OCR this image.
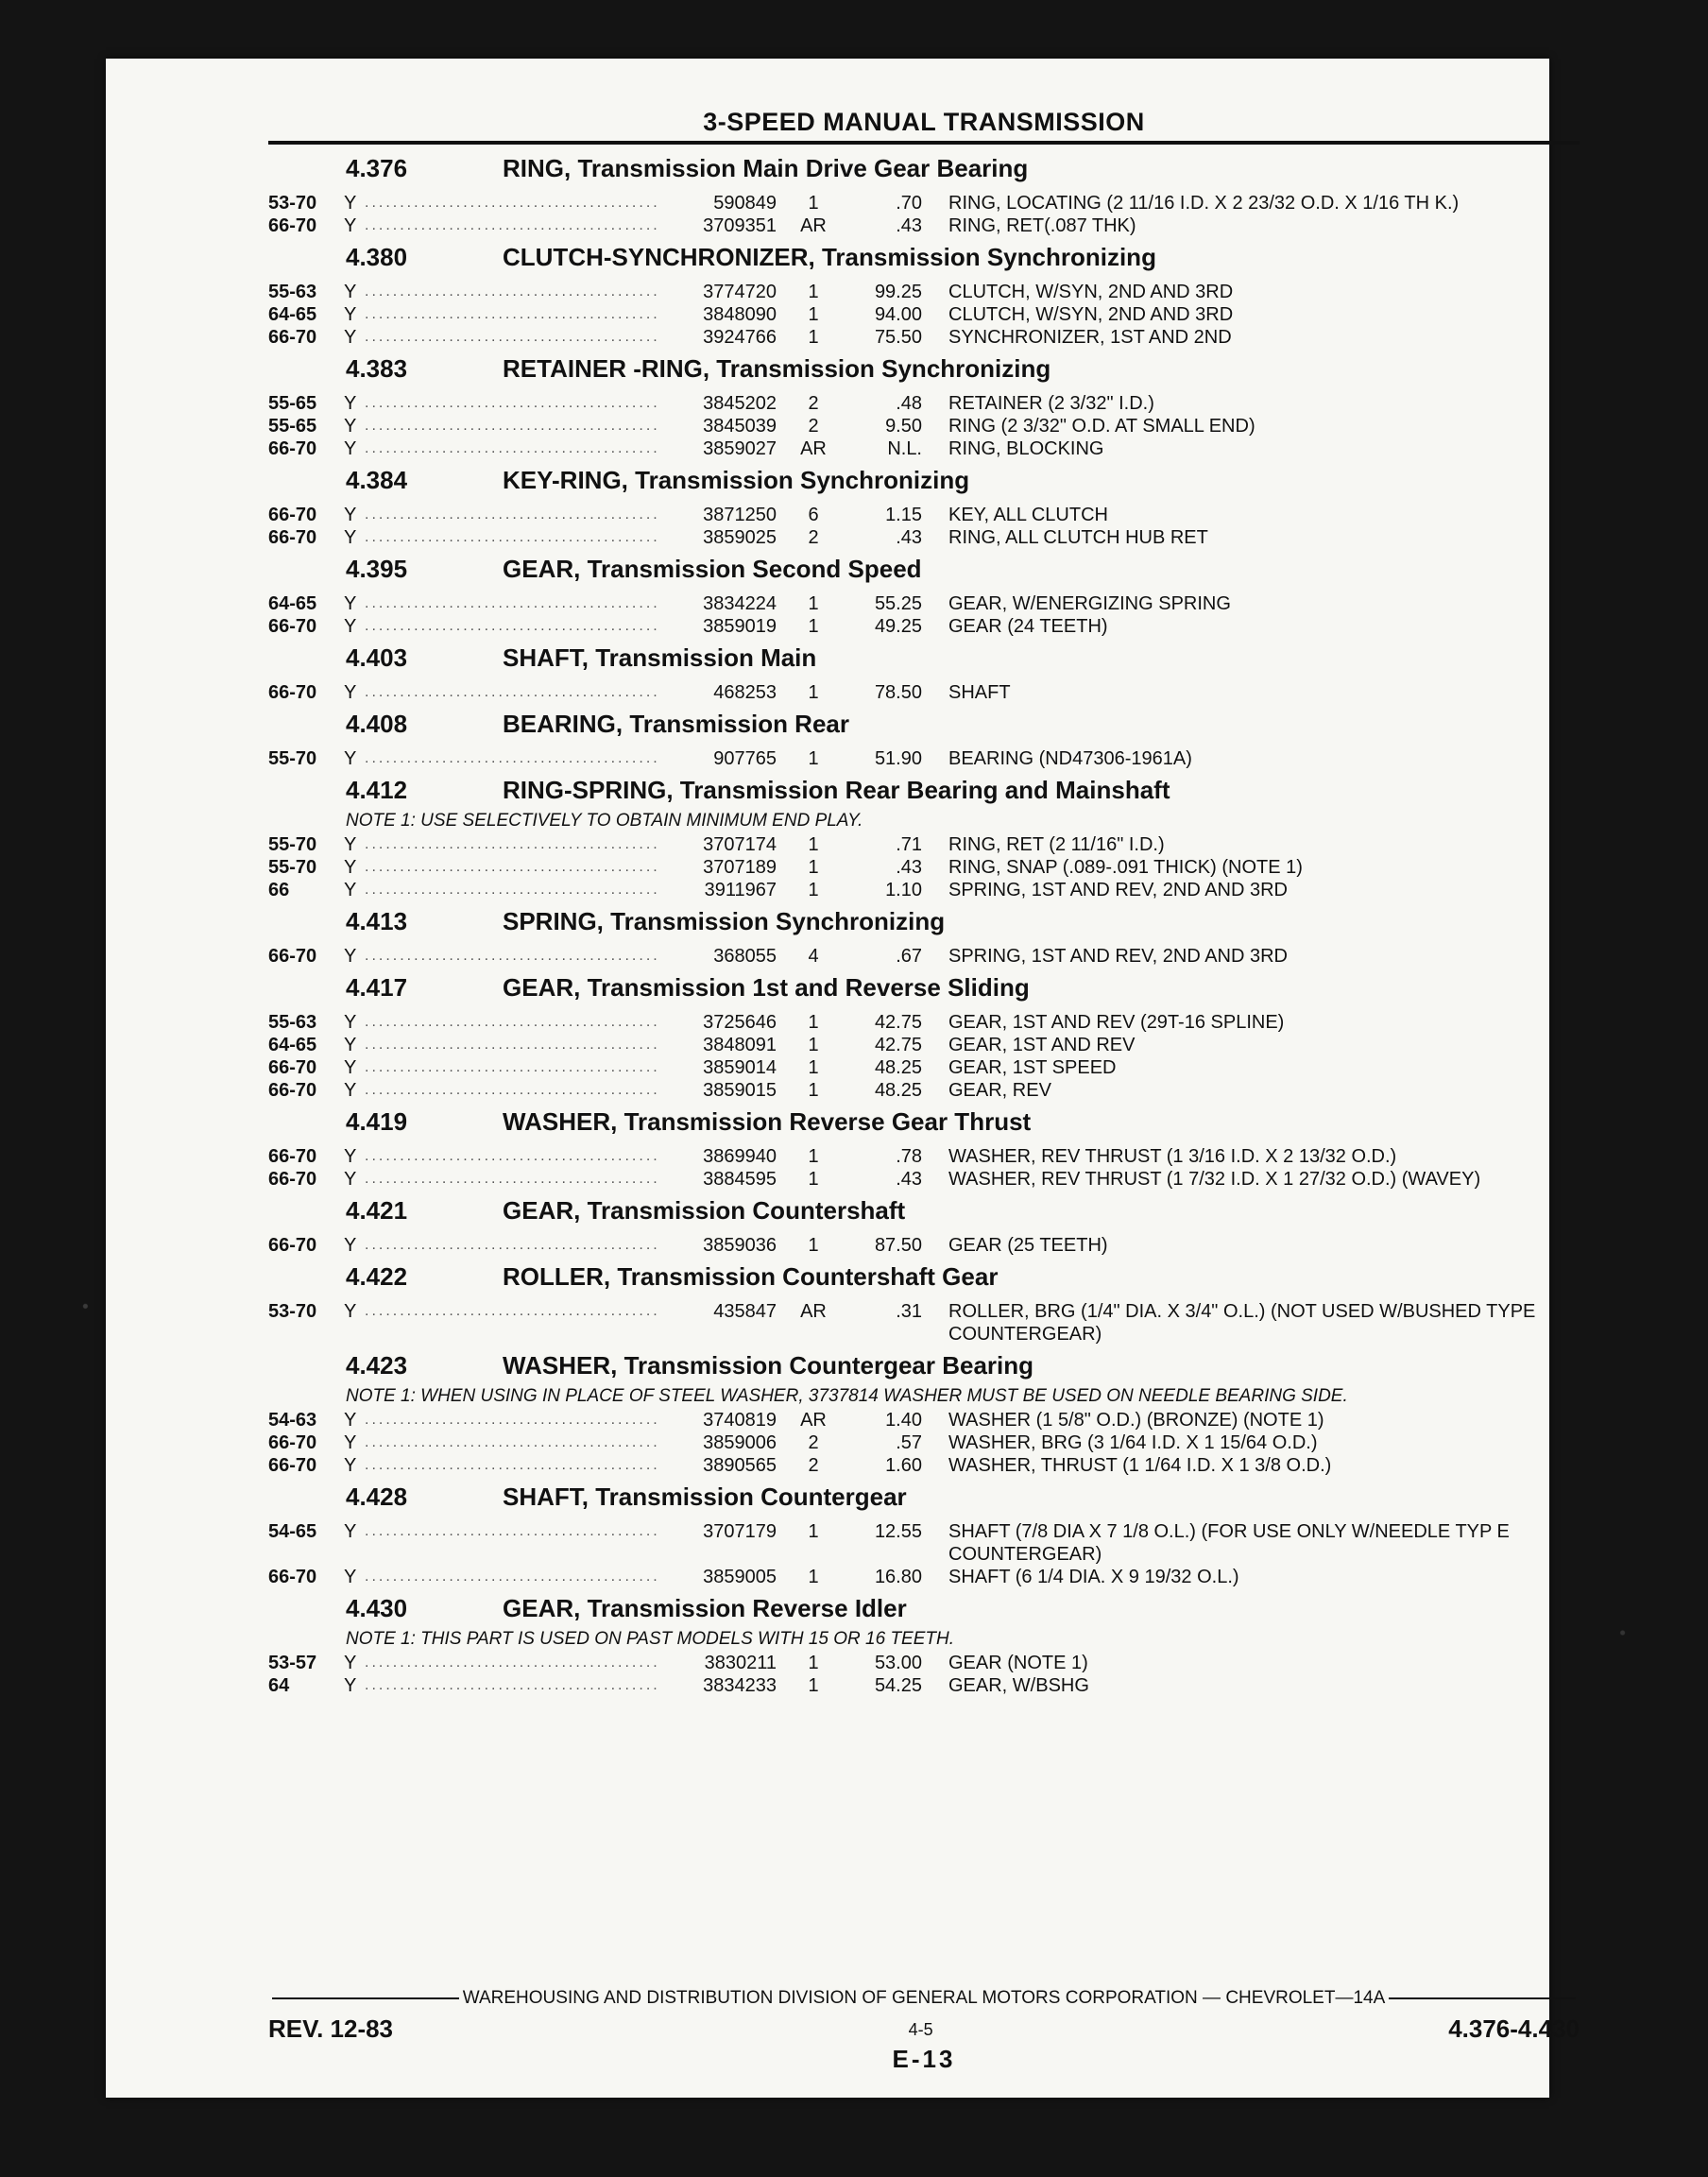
3-SPEED MANUAL TRANSMISSION
4.376	RING, Transmission Main Drive Gear Bearing
53-70	Y .....	590849	1	.70 RING, LOCATING (2 11/16 I.D. X 2 23/32 O.D. X 1/16 TH K.)
66-70	Y .....	3709351	AR	.43 RING, RET(.087 THK)
4.380	CLUTCH-SYNCHRONIZER, Transmission Synchronizing
55-63	Y .....	3774720	1	99.25 CLUTCH, W/SYN, 2ND AND 3RD
64-65	Y .....	3848090	1	94.00 CLUTCH, W/SYN, 2ND AND 3RD
66-70	Y .....	3924766	1	75.50 SYNCHRONIZER, 1ST AND 2ND
4.383	RETAINER -RING, Transmission Synchronizing
55-65	Y .....	3845202	2	.48 RETAINER (2 3/32" I.D.)
55-65	Y .....	3845039	2	9.50 RING (2 3/32" O.D. AT SMALL END)
66-70	Y .....	3859027	AR	N.L. RING, BLOCKING
4.384	KEY-RING, Transmission Synchronizing
66-70	Y .....	3871250	6	1.15 KEY, ALL CLUTCH
66-70	Y .....	3859025	2	.43 RING, ALL CLUTCH HUB RET
4.395	GEAR, Transmission Second Speed
64-65	Y .....	3834224	1	55.25 GEAR, W/ENERGIZING SPRING
66-70	Y .....	3859019	1	49.25 GEAR (24 TEETH)
4.403	SHAFT, Transmission Main
66-70	Y .....	468253	1	78.50 SHAFT
4.408	BEARING, Transmission Rear
55-70	Y .....	907765	1	51.90 BEARING (ND47306-1961A)
4.412	RING-SPRING, Transmission Rear Bearing and Mainshaft
NOTE 1: USE SELECTIVELY TO OBTAIN MINIMUM END PLAY.
55-70	Y .....	3707174	1	.71 RING, RET (2 11/16" I.D.)
55-70	Y .....	3707189	1	.43 RING, SNAP (.089-.091 THICK) (NOTE 1)
66	Y .....	3911967	1	1.10 SPRING, 1ST AND REV, 2ND AND 3RD
4.413	SPRING, Transmission Synchronizing
66-70	Y .....	368055	4	.67 SPRING, 1ST AND REV, 2ND AND 3RD
4.417	GEAR, Transmission 1st and Reverse Sliding
55-63	Y .....	3725646	1	42.75 GEAR, 1ST AND REV (29T-16 SPLINE)
64-65	Y .....	3848091	1	42.75 GEAR, 1ST AND REV
66-70	Y .....	3859014	1	48.25 GEAR, 1ST SPEED
66-70	Y .....	3859015	1	48.25 GEAR, REV
4.419	WASHER, Transmission Reverse Gear Thrust
66-70	Y .....	3869940	1	.78 WASHER, REV THRUST (1 3/16 I.D. X 2 13/32 O.D.)
66-70	Y .....	3884595	1	.43 WASHER, REV THRUST (1 7/32 I.D. X 1 27/32 O.D.) (WAVEY)
4.421	GEAR, Transmission Countershaft
66-70	Y .....	3859036	1	87.50 GEAR (25 TEETH)
4.422	ROLLER, Transmission Countershaft Gear
53-70	Y .....	435847	AR	.31 ROLLER, BRG (1/4" DIA. X 3/4" O.L.) (NOT USED W/BUSHED TYPE COUNTERGEAR)
4.423	WASHER, Transmission Countergear Bearing
NOTE 1: WHEN USING IN PLACE OF STEEL WASHER, 3737814 WASHER MUST BE USED ON NEEDLE BEARING SIDE.
54-63	Y .....	3740819	AR	1.40 WASHER (1 5/8" O.D.) (BRONZE) (NOTE 1)
66-70	Y .....	3859006	2	.57 WASHER, BRG (3 1/64 I.D. X 1 15/64 O.D.)
66-70	Y .....	3890565	2	1.60 WASHER, THRUST (1 1/64 I.D. X 1 3/8 O.D.)
4.428	SHAFT, Transmission Countergear
54-65	Y .....	3707179	1	12.55 SHAFT (7/8 DIA X 7 1/8 O.L.) (FOR USE ONLY W/NEEDLE TYP E COUNTERGEAR)
66-70	Y .....	3859005	1	16.80 SHAFT (6 1/4 DIA. X 9 19/32 O.L.)
4.430	GEAR, Transmission Reverse Idler
NOTE 1: THIS PART IS USED ON PAST MODELS WITH 15 OR 16 TEETH.
53-57	Y .....	3830211	1	53.00 GEAR (NOTE 1)
64	Y .....	3834233	1	54.25 GEAR, W/BSHG
WAREHOUSING AND DISTRIBUTION DIVISION OF GENERAL MOTORS CORPORATION — CHEVROLET—14A
REV. 12-83	4-5	4.376-4.430
E-13
